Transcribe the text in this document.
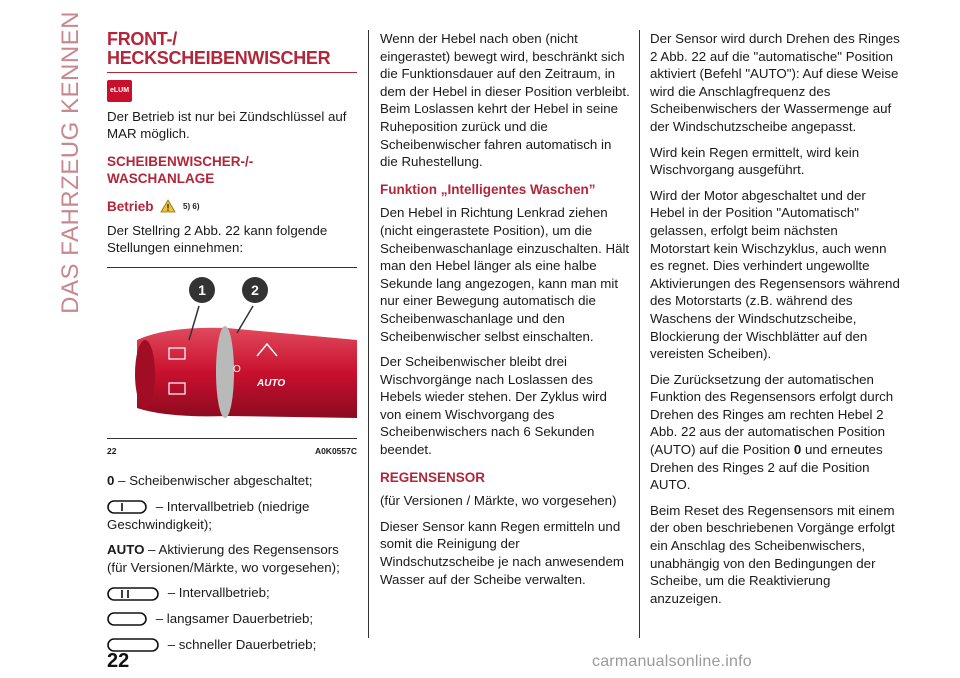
DAS FAHRZEUG KENNEN FRONT-/
HECKSCHEIBENWISCHER
eLUM

Der Betrieb ist nur bei Zündschlüssel auf MAR möglich.

SCHEIBENWISCHER-/-WASCHANLAGE
Betrieb	$^{5) 6)}$

Der Stellring 2 Abb. 22 kann folgende Stellungen einnehmen:

1	2
O
AUTO
22	A0K0557C

0 – Scheibenwischer abgeschaltet;

– Intervallbetrieb (niedrige Geschwindigkeit);

AUTO – Aktivierung des Regensensors (für Versionen/Märkte, wo vorgesehen);

– Intervallbetrieb;

– langsamer Dauerbetrieb;

– schneller Dauerbetrieb;

Wenn der Hebel nach oben (nicht eingerastet) bewegt wird, beschränkt sich die Funktionsdauer auf den Zeitraum, in dem der Hebel in dieser Position verbleibt. Beim Loslassen kehrt der Hebel in seine Ruheposition zurück und die Scheibenwischer fahren automatisch in die Ruhestellung.

Funktion „Intelligentes Waschen”

Den Hebel in Richtung Lenkrad ziehen (nicht eingerastete Position), um die Scheibenwaschanlage einzuschalten. Hält man den Hebel länger als eine halbe Sekunde lang angezogen, kann man mit nur einer Bewegung automatisch die Scheibenwaschanlage und den Scheibenwischer selbst einschalten.

Der Scheibenwischer bleibt drei Wischvorgänge nach Loslassen des Hebels wieder stehen. Der Zyklus wird von einem Wischvorgang des Scheibenwischers nach 6 Sekunden beendet.

REGENSENSOR

(für Versionen / Märkte, wo vorgesehen)

Dieser Sensor kann Regen ermitteln und somit die Reinigung der Windschutzscheibe je nach anwesendem Wasser auf der Scheibe verwalten.

Der Sensor wird durch Drehen des Ringes 2 Abb. 22 auf die "automatische" Position aktiviert (Befehl "AUTO"): Auf diese Weise wird die Anschlagfrequenz des Scheibenwischers der Wassermenge auf der Windschutzscheibe angepasst.

Wird kein Regen ermittelt, wird kein Wischvorgang ausgeführt.

Wird der Motor abgeschaltet und der Hebel in der Position "Automatisch" gelassen, erfolgt beim nächsten Motorstart kein Wischzyklus, auch wenn es regnet. Dies verhindert ungewollte Aktivierungen des Regensensors während des Motorstarts (z.B. während des Waschens der Windschutzscheibe, Blockierung der Wischblätter auf den vereisten Scheiben).

Die Zurücksetzung der automatischen Funktion des Regensensors erfolgt durch Drehen des Ringes am rechten Hebel 2 Abb. 22 aus der automatischen Position (AUTO) auf die Position 0 und erneutes Drehen des Ringes 2 auf die Position AUTO.

Beim Reset des Regensensors mit einem der oben beschriebenen Vorgänge erfolgt ein Anschlag des Scheibenwischers, unabhängig von den Bedingungen der Scheibe, um die Reaktivierung anzuzeigen.

22	carmanualsonline.info
